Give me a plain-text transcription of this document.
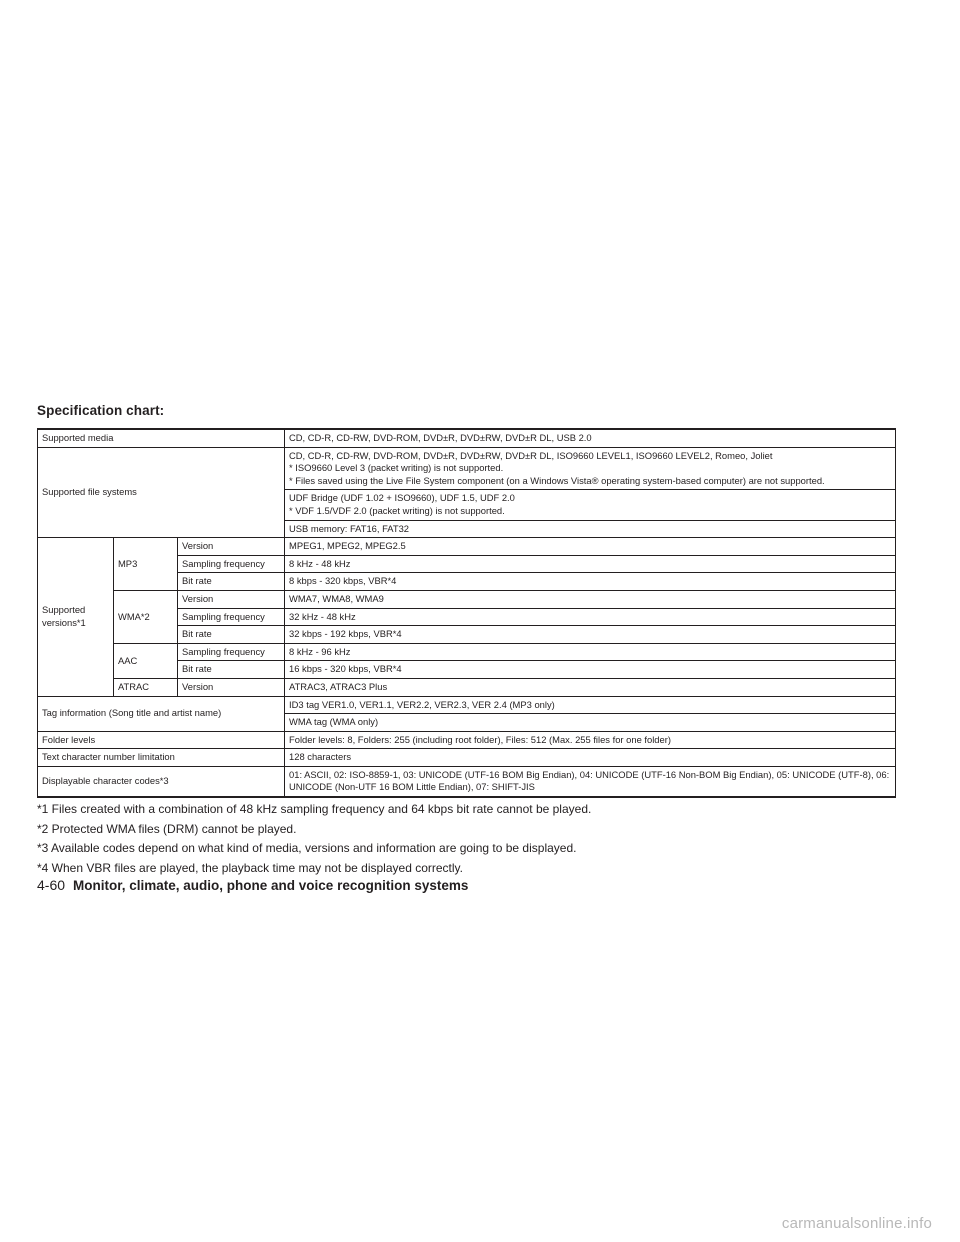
Specification chart:
Supported media			CD, CD-R, CD-RW, DVD-ROM, DVD±R, DVD±RW, DVD±R DL, USB 2.0
Supported file systems			CD, CD-R, CD-RW, DVD-ROM, DVD±R, DVD±RW, DVD±R DL, ISO9660 LEVEL1, ISO9660 LEVEL2, Romeo, Joliet
* ISO9660 Level 3 (packet writing) is not supported.
* Files saved using the Live File System component (on a Windows Vista® operating system-based computer) are not supported.
			UDF Bridge (UDF 1.02 + ISO9660), UDF 1.5, UDF 2.0
* VDF 1.5/VDF 2.0 (packet writing) is not supported.
			USB memory: FAT16, FAT32
Supported versions*1	MP3	Version	MPEG1, MPEG2, MPEG2.5
		Sampling frequency	8 kHz - 48 kHz
		Bit rate	8 kbps - 320 kbps, VBR*4
	WMA*2	Version	WMA7, WMA8, WMA9
		Sampling frequency	32 kHz - 48 kHz
		Bit rate	32 kbps - 192 kbps, VBR*4
	AAC	Sampling frequency	8 kHz - 96 kHz
		Bit rate	16 kbps - 320 kbps, VBR*4
	ATRAC	Version	ATRAC3, ATRAC3 Plus
Tag information (Song title and artist name)			ID3 tag VER1.0, VER1.1, VER2.2, VER2.3, VER 2.4 (MP3 only)
			WMA tag (WMA only)
Folder levels			Folder levels: 8, Folders: 255 (including root folder), Files: 512 (Max. 255 files for one folder)
Text character number limitation			128 characters
Displayable character codes*3			01: ASCII, 02: ISO-8859-1, 03: UNICODE (UTF-16 BOM Big Endian), 04: UNICODE (UTF-16 Non-BOM Big Endian), 05: UNICODE (UTF-8), 06: UNICODE (Non-UTF 16 BOM Little Endian), 07: SHIFT-JIS

*1 Files created with a combination of 48 kHz sampling frequency and 64 kbps bit rate cannot be played.

*2 Protected WMA files (DRM) cannot be played.

*3 Available codes depend on what kind of media, versions and information are going to be displayed.

*4 When VBR files are played, the playback time may not be displayed correctly.

4-60 Monitor, climate, audio, phone and voice recognition systems
carmanualsonline.info
